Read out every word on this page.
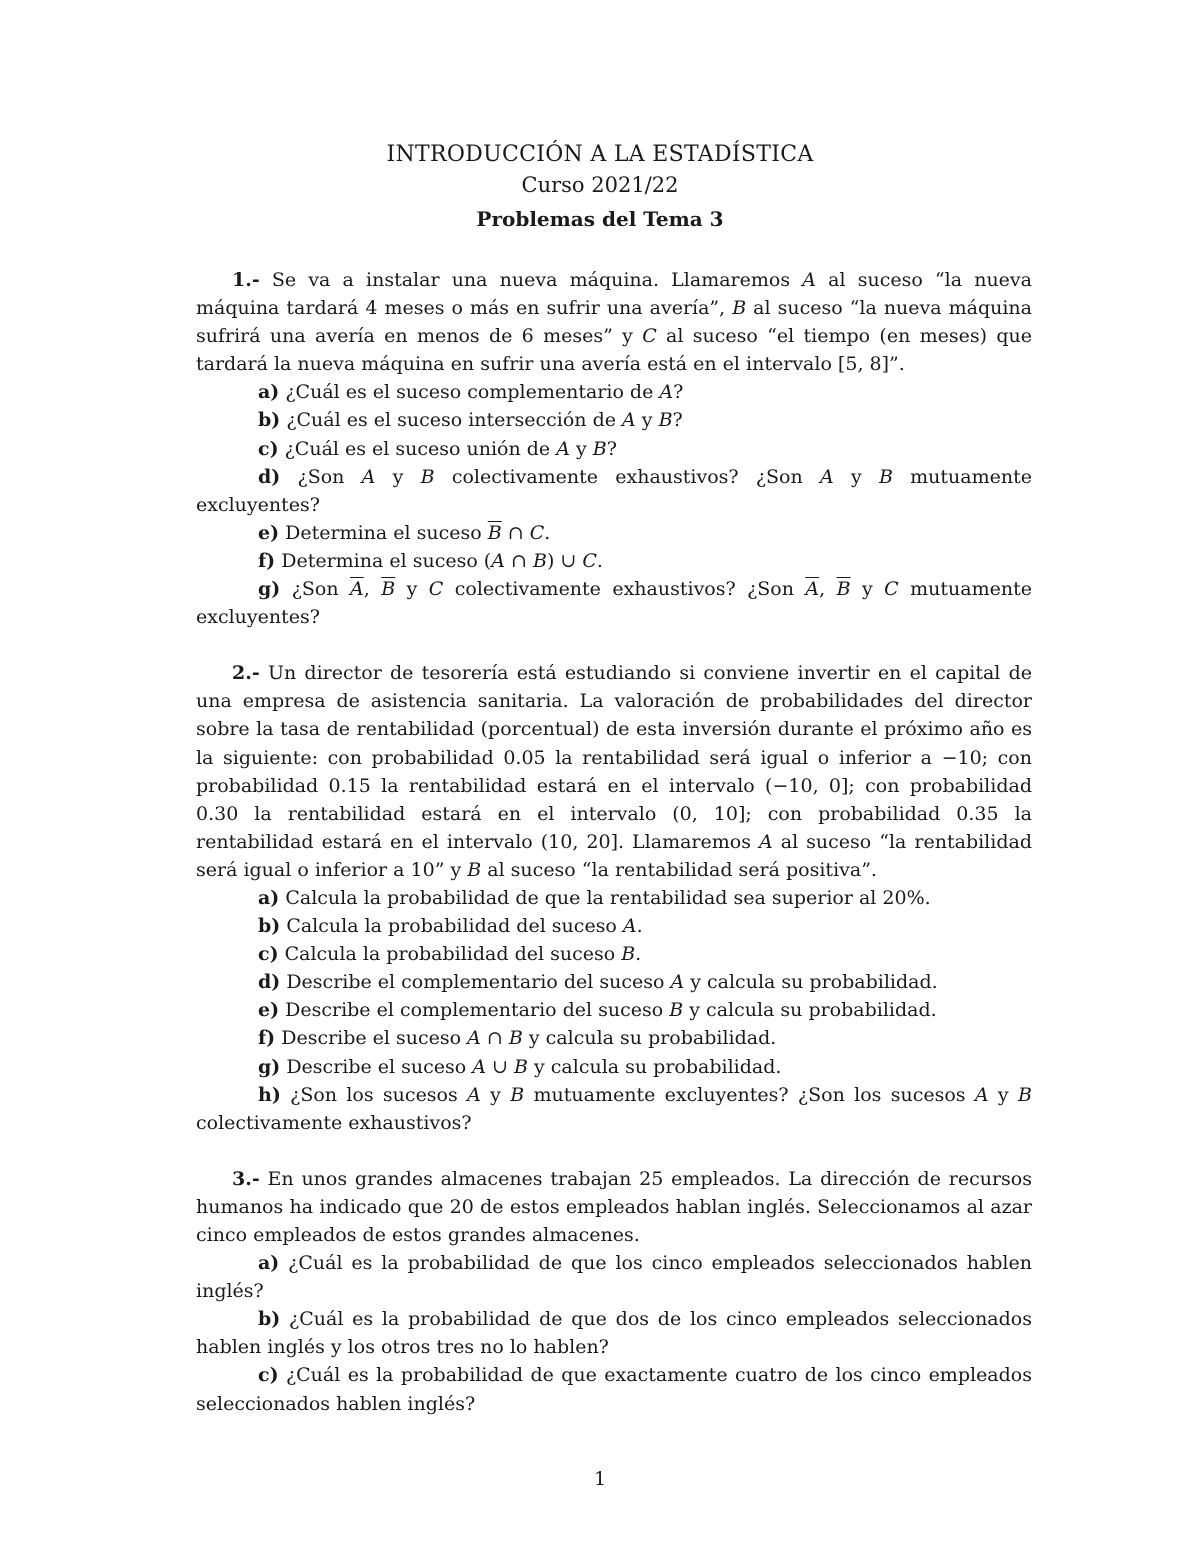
INTRODUCCIÓN A LA ESTADÍSTICA
Curso 2021/22
Problemas del Tema 3

1.- Se va a instalar una nueva máquina. Llamaremos A al suceso “la nueva máquina tardará 4 meses o más en sufrir una avería”, B al suceso “la nueva máquina sufrirá una avería en menos de 6 meses” y C al suceso “el tiempo (en meses) que tardará la nueva máquina en sufrir una avería está en el intervalo [5, 8]”.

a) ¿Cuál es el suceso complementario de A?

b) ¿Cuál es el suceso intersección de A y B?

c) ¿Cuál es el suceso unión de A y B?

d) ¿Son A y B colectivamente exhaustivos? ¿Son A y B mutuamente excluyentes?

e) Determina el suceso $\overline{B}$ ∩ C.

f) Determina el suceso (A ∩ B) ∪ C.

g) ¿Son $\overline{A}$, $\overline{B}$ y C colectivamente exhaustivos? ¿Son $\overline{A}$, $\overline{B}$ y C mutuamente excluyentes?

2.- Un director de tesorería está estudiando si conviene invertir en el capital de una empresa de asistencia sanitaria. La valoración de probabilidades del director sobre la tasa de rentabilidad (porcentual) de esta inversión durante el próximo año es la siguiente: con probabilidad 0.05 la rentabilidad será igual o inferior a −10; con probabilidad 0.15 la rentabilidad estará en el intervalo (−10, 0]; con probabilidad 0.30 la rentabilidad estará en el intervalo (0, 10]; con probabilidad 0.35 la rentabilidad estará en el intervalo (10, 20]. Llamaremos A al suceso “la rentabilidad será igual o inferior a 10” y B al suceso “la rentabilidad será positiva”.

a) Calcula la probabilidad de que la rentabilidad sea superior al 20%.

b) Calcula la probabilidad del suceso A.

c) Calcula la probabilidad del suceso B.

d) Describe el complementario del suceso A y calcula su probabilidad.

e) Describe el complementario del suceso B y calcula su probabilidad.

f) Describe el suceso A ∩ B y calcula su probabilidad.

g) Describe el suceso A ∪ B y calcula su probabilidad.

h) ¿Son los sucesos A y B mutuamente excluyentes? ¿Son los sucesos A y B colectivamente exhaustivos?

3.- En unos grandes almacenes trabajan 25 empleados. La dirección de recursos humanos ha indicado que 20 de estos empleados hablan inglés. Seleccionamos al azar cinco empleados de estos grandes almacenes.

a) ¿Cuál es la probabilidad de que los cinco empleados seleccionados hablen inglés?

b) ¿Cuál es la probabilidad de que dos de los cinco empleados seleccionados hablen inglés y los otros tres no lo hablen?

c) ¿Cuál es la probabilidad de que exactamente cuatro de los cinco empleados seleccionados hablen inglés?

1
